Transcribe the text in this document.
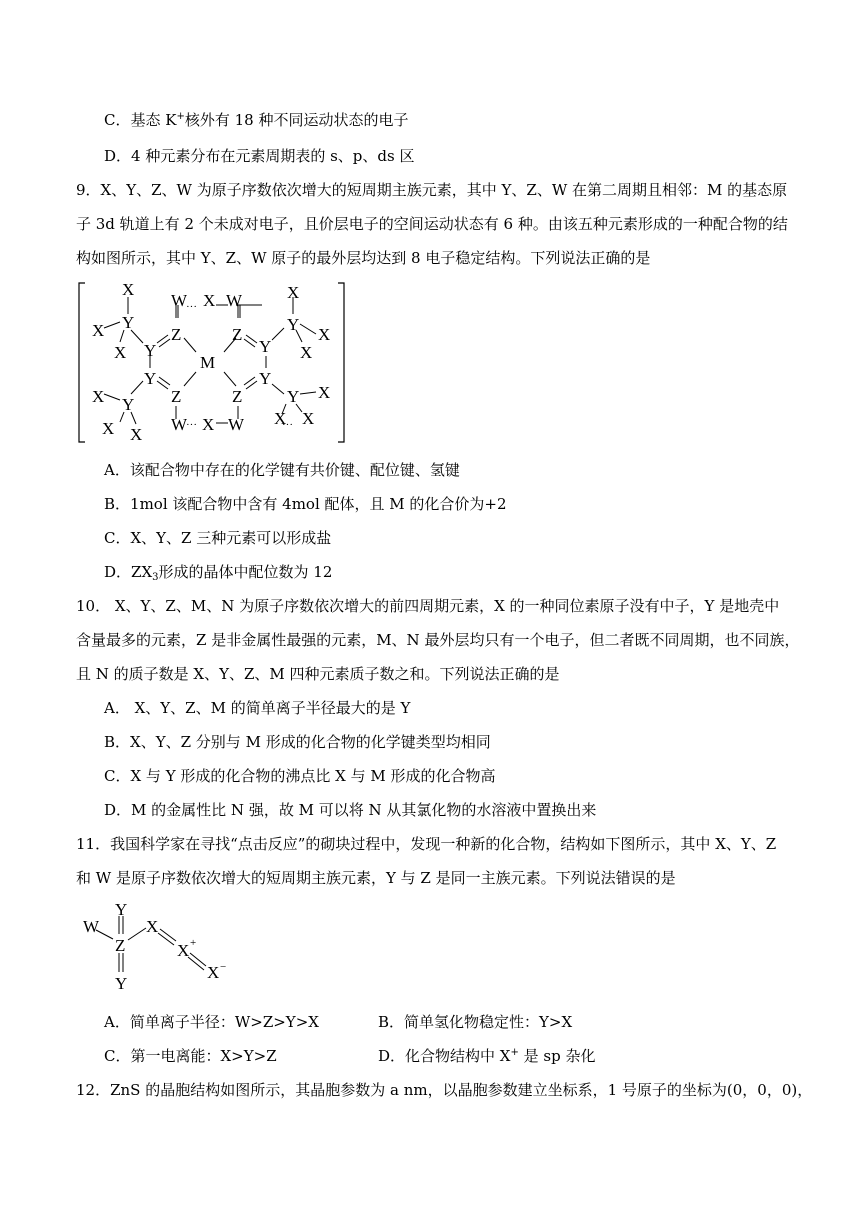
C．基态 K+核外有 18 种不同运动状态的电子
D．4 种元素分布在元素周期表的 s、p、ds 区
9．X、Y、Z、W 为原子序数依次增大的短周期主族元素，其中 Y、Z、W 在第二周期且相邻：M 的基态原
子 3d 轨道上有 2 个未成对电子，且价层电子的空间运动状态有 6 种。由该五种元素形成的一种配合物的结
构如图所示，其中 Y、Z、W 原子的最外层均达到 8 电子稳定结构。下列说法正确的是
···
···	···
X
X Y
X Y
Z
W X W
Z
M
Y
X
Y
X
X
Y
Z	Z
Y
X Y
X X
W X W
Y X
X X
A．该配合物中存在的化学键有共价键、配位键、氢键
B．1mol 该配合物中含有 4mol 配体，且 M 的化合价为+2
C．X、Y、Z 三种元素可以形成盐
D．$ZX_3$形成的晶体中配位数为 12
10． X、Y、Z、M、N 为原子序数依次增大的前四周期元素，X 的一种同位素原子没有中子，Y 是地壳中
含量最多的元素，Z 是非金属性最强的元素，M、N 最外层均只有一个电子，但二者既不同周期，也不同族，
且 N 的质子数是 X、Y、Z、M 四种元素质子数之和。下列说法正确的是
A． X、Y、Z、M 的简单离子半径最大的是 Y
B．X、Y、Z 分别与 M 形成的化合物的化学键类型均相同
C．X 与 Y 形成的化合物的沸点比 X 与 M 形成的化合物高
D．M 的金属性比 N 强，故 M 可以将 N 从其氯化物的水溶液中置换出来
11．我国科学家在寻找“点击反应”的砌块过程中，发现一种新的化合物，结构如下图所示，其中 X、Y、Z
和 W 是原子序数依次增大的短周期主族元素，Y 与 Z 是同一主族元素。下列说法错误的是
Y
W
Z
X
X +
X −
Y
A．简单离子半径：W>Z>Y>X	B．简单氢化物稳定性：Y>X
C．第一电离能：X>Y>Z	D．化合物结构中 X+ 是 sp 杂化
12．ZnS 的晶胞结构如图所示，其晶胞参数为 a nm，以晶胞参数建立坐标系，1 号原子的坐标为(0，0，0)，
